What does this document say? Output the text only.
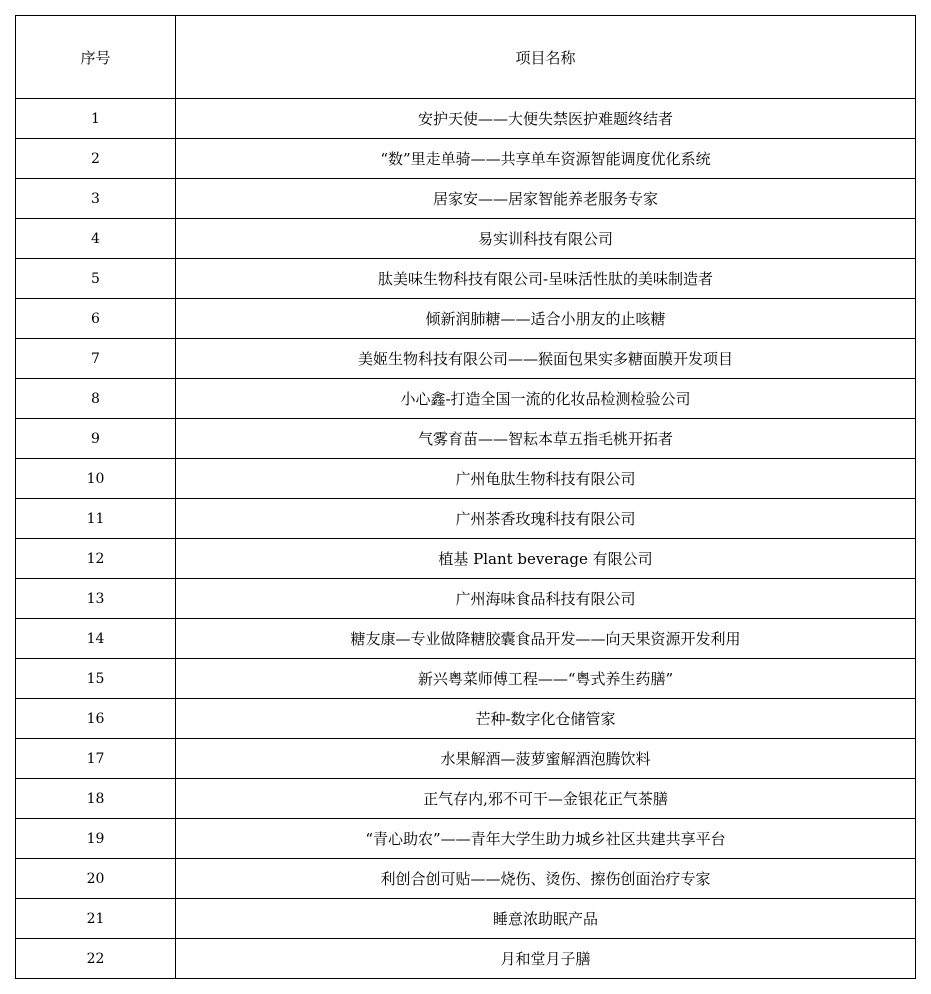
序号	项目名称
1	安护天使——大便失禁医护难题终结者
2	“数”里走单骑——共享单车资源智能调度优化系统
3	居家安——居家智能养老服务专家
4	易实训科技有限公司
5	肽美味生物科技有限公司-呈味活性肽的美味制造者
6	倾新润肺糖——适合小朋友的止咳糖
7	美姬生物科技有限公司——猴面包果实多糖面膜开发项目
8	小心鑫-打造全国一流的化妆品检测检验公司
9	气雾育苗——智耘本草五指毛桃开拓者
10	广州龟肽生物科技有限公司
11	广州茶香玫瑰科技有限公司
12	植基 Plant beverage 有限公司
13	广州海味食品科技有限公司
14	糖友康—专业做降糖胶囊食品开发——向天果资源开发利用
15	新兴粤菜师傅工程——“粤式养生药膳”
16	芒种-数字化仓储管家
17	水果解酒—菠萝蜜解酒泡腾饮料
18	正气存内,邪不可干—金银花正气茶膳
19	“青心助农”——青年大学生助力城乡社区共建共享平台
20	利创合创可贴——烧伤、烫伤、擦伤创面治疗专家
21	睡意浓助眠产品
22	月和堂月子膳
